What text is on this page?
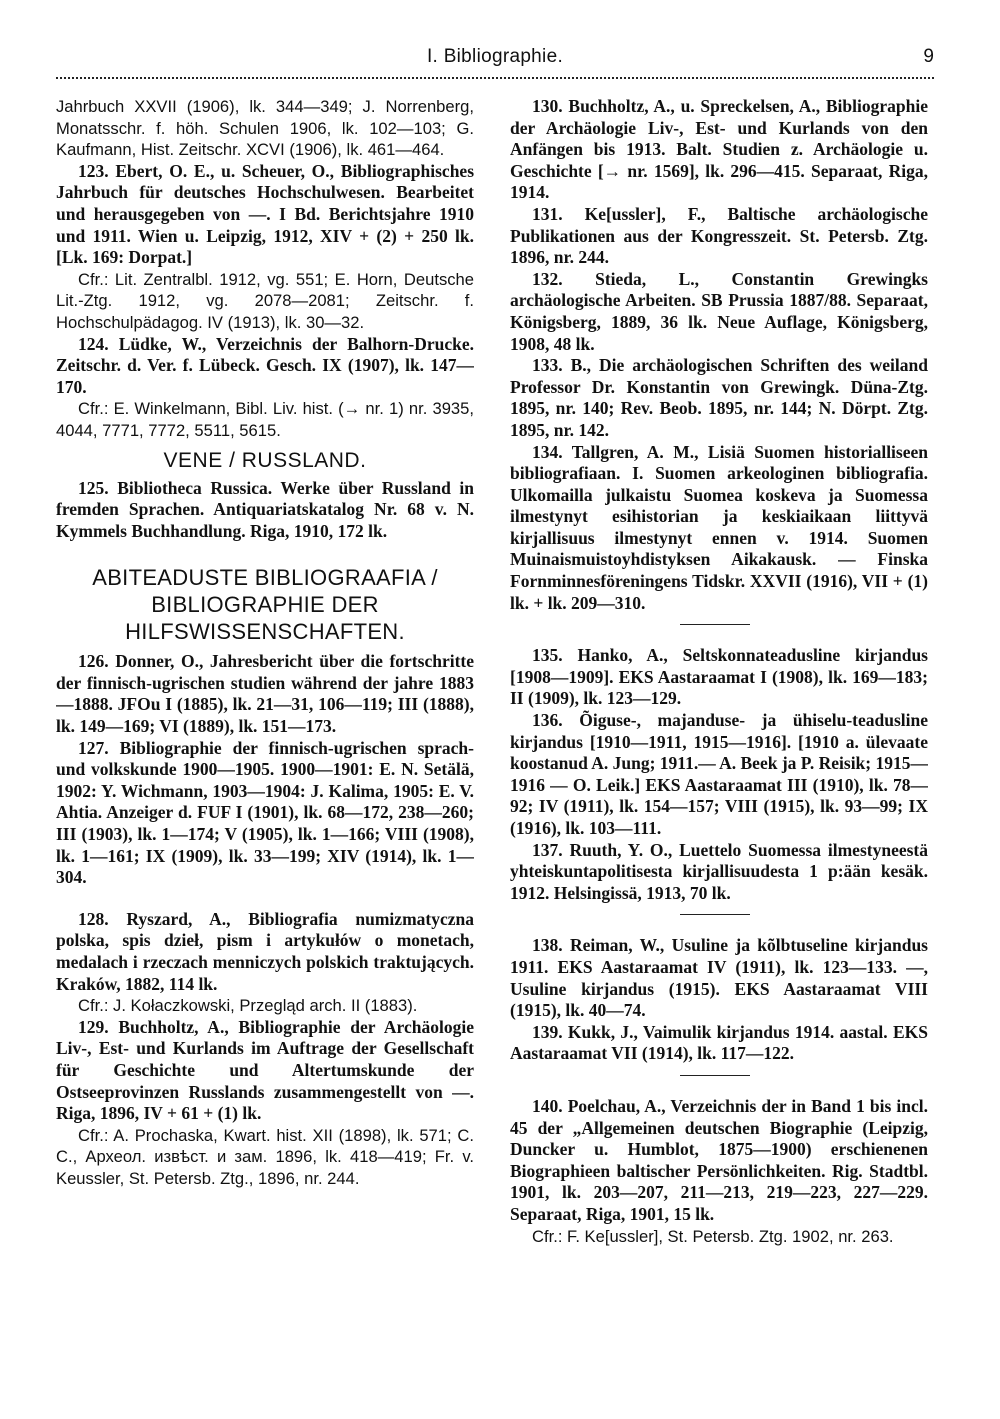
I. Bibliographie.	9

Jahrbuch XXVII (1906), lk. 344—349; J. Norrenberg, Monatsschr. f. höh. Schulen 1906, lk. 102—103; G. Kaufmann, Hist. Zeitschr. XCVI (1906), lk. 461—464.

123. Ebert, O. E., u. Scheuer, O., Bibliographisches Jahrbuch für deutsches Hochschulwesen. Bearbeitet und herausgegeben von —. I Bd. Berichtsjahre 1910 und 1911. Wien u. Leipzig, 1912, XIV + (2) + 250 lk. [Lk. 169: Dorpat.]

Cfr.: Lit. Zentralbl. 1912, vg. 551; E. Horn, Deutsche Lit.-Ztg. 1912, vg. 2078—2081; Zeitschr. f. Hochschulpädagog. IV (1913), lk. 30—32.

124. Lüdke, W., Verzeichnis der Balhorn-Drucke. Zeitschr. d. Ver. f. Lübeck. Gesch. IX (1907), lk. 147—170.

Cfr.: E. Winkelmann, Bibl. Liv. hist. (→ nr. 1) nr. 3935, 4044, 7771, 7772, 5511, 5615.

VENE / RUSSLAND.

125. Bibliotheca Russica. Werke über Russland in fremden Sprachen. Antiquariatskatalog Nr. 68 v. N. Kymmels Buchhandlung. Riga, 1910, 172 lk.

ABITEADUSTE BIBLIOGRAAFIA / BIBLIOGRAPHIE DER HILFSWISSENSCHAFTEN.

126. Donner, O., Jahresbericht über die fortschritte der finnisch-ugrischen studien während der jahre 1883—1888. JFOu I (1885), lk. 21—31, 106—119; III (1888), lk. 149—169; VI (1889), lk. 151—173.

127. Bibliographie der finnisch-ugrischen sprach- und volkskunde 1900—1905. 1900—1901: E. N. Setälä, 1902: Y. Wichmann, 1903—1904: J. Kalima, 1905: E. V. Ahtia. Anzeiger d. FUF I (1901), lk. 68—172, 238—260; III (1903), lk. 1—174; V (1905), lk. 1—166; VIII (1908), lk. 1—161; IX (1909), lk. 33—199; XIV (1914), lk. 1—304.

128. Ryszard, A., Bibliografia numizmatyczna polska, spis dzieł, pism i artykułów o monetach, medalach i rzeczach menniczych polskich traktujących. Kraków, 1882, 114 lk.

Cfr.: J. Kołaczkowski, Przegląd arch. II (1883).

129. Buchholtz, A., Bibliographie der Archäologie Liv-, Est- und Kurlands im Auftrage der Gesellschaft für Geschichte und Altertumskunde der Ostseeprovinzen Russlands zusammengestellt von —. Riga, 1896, IV + 61 + (1) lk.

Cfr.: A. Prochaska, Kwart. hist. XII (1898), lk. 571; C. C., Археол. извѣст. и зам. 1896, lk. 418—419; Fr. v. Keussler, St. Petersb. Ztg., 1896, nr. 244.

130. Buchholtz, A., u. Spreckelsen, A., Bibliographie der Archäologie Liv-, Est- und Kurlands von den Anfängen bis 1913. Balt. Studien z. Archäologie u. Geschichte [→ nr. 1569], lk. 296—415. Separaat, Riga, 1914.

131. Ke[ussler], F., Baltische archäologische Publikationen aus der Kongresszeit. St. Petersb. Ztg. 1896, nr. 244.

132. Stieda, L., Constantin Grewingks archäologische Arbeiten. SB Prussia 1887/88. Separaat, Königsberg, 1889, 36 lk. Neue Auflage, Königsberg, 1908, 48 lk.

133. B., Die archäologischen Schriften des weiland Professor Dr. Konstantin von Grewingk. Düna-Ztg. 1895, nr. 140; Rev. Beob. 1895, nr. 144; N. Dörpt. Ztg. 1895, nr. 142.

134. Tallgren, A. M., Lisiä Suomen historialliseen bibliografiaan. I. Suomen arkeologinen bibliografia. Ulkomailla julkaistu Suomea koskeva ja Suomessa ilmestynyt esihistorian ja keskiaikaan liittyvä kirjallisuus ilmestynyt ennen v. 1914. Suomen Muinaismuistoyhdistyksen Aikakausk. — Finska Fornminnesföreningens Tidskr. XXVII (1916), VII + (1) lk. + lk. 209—310.

135. Hanko, A., Seltskonnateadusline kirjandus [1908—1909]. EKS Aastaraamat I (1908), lk. 169—183; II (1909), lk. 123—129.

136. Õiguse-, majanduse- ja ühiselu-teadusline kirjandus [1910—1911, 1915—1916]. [1910 a. ülevaate koostanud A. Jung; 1911.— A. Beek ja P. Reisik; 1915—1916 — O. Leik.] EKS Aastaraamat III (1910), lk. 78—92; IV (1911), lk. 154—157; VIII (1915), lk. 93—99; IX (1916), lk. 103—111.

137. Ruuth, Y. O., Luettelo Suomessa ilmestyneestä yhteiskuntapolitisesta kirjallisuudesta 1 p:ään kesäk. 1912. Helsingissä, 1913, 70 lk.

138. Reiman, W., Usuline ja kõlbtuseline kirjandus 1911. EKS Aastaraamat IV (1911), lk. 123—133. —, Usuline kirjandus (1915). EKS Aastaraamat VIII (1915), lk. 40—74.

139. Kukk, J., Vaimulik kirjandus 1914. aastal. EKS Aastaraamat VII (1914), lk. 117—122.

140. Poelchau, A., Verzeichnis der in Band 1 bis incl. 45 der „Allgemeinen deutschen Biographie (Leipzig, Duncker u. Humblot, 1875—1900) erschienenen Biographieen baltischer Persönlichkeiten. Rig. Stadtbl. 1901, lk. 203—207, 211—213, 219—223, 227—229. Separaat, Riga, 1901, 15 lk.

Cfr.: F. Ke[ussler], St. Petersb. Ztg. 1902, nr. 263.
